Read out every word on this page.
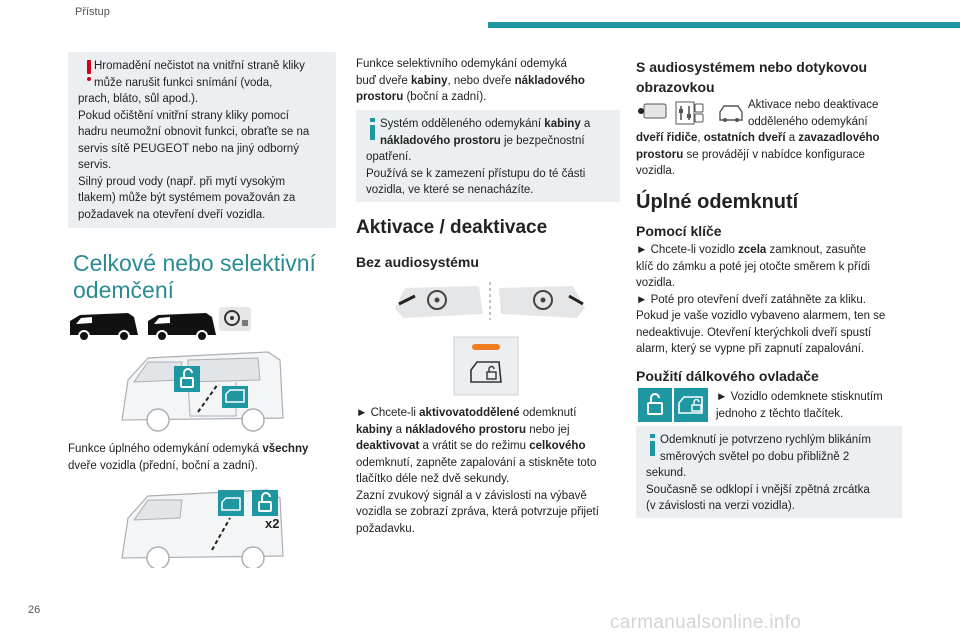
Přístup
Hromadění nečistot na vnitřní straně kliky
může narušit funkci snímání (voda,
prach, bláto, sůl apod.).
Pokud očištění vnitřní strany kliky pomocí
hadru neumožní obnovit funkci, obraťte se na
servis sítě PEUGEOT nebo na jiný odborný
servis.
Silný proud vody (např. při mytí vysokým
tlakem) může být systémem považován za
požadavek na otevření dveří vozidla.
Celkové nebo selektivní
odemčení
Funkce úplného odemykání odemyká všechny
dveře vozidla (přední, boční a zadní).
x2
Funkce selektivního odemykání odemyká
buď dveře kabiny, nebo dveře nákladového
prostoru (boční a zadní).
Systém odděleného odemykání kabiny a
nákladového prostoru je bezpečnostní
opatření.
Používá se k zamezení přístupu do té části
vozidla, ve které se nenacházíte.
Aktivace / deaktivace
Bez audiosystému
► Chcete-li aktivovatoddělené odemknutí
kabiny a nákladového prostoru nebo jej
deaktivovat a vrátit se do režimu celkového
odemknutí, zapněte zapalování a stiskněte toto
tlačítko déle než dvě sekundy.
Zazní zvukový signál a v závislosti na výbavě
vozidla se zobrazí zpráva, která potvrzuje přijetí
požadavku.
S audiosystémem nebo dotykovou
obrazovkou
Aktivace nebo deaktivace
odděleného odemykání
dveří řidiče, ostatních dveří a zavazadlového
prostoru se provádějí v nabídce konfigurace
vozidla.
Úplné odemknutí
Pomocí klíče
► Chcete-li vozidlo zcela zamknout, zasuňte
klíč do zámku a poté jej otočte směrem k přídi
vozidla.
► Poté pro otevření dveří zatáhněte za kliku.
Pokud je vaše vozidlo vybaveno alarmem, ten se
nedeaktivuje. Otevření kterýchkoli dveří spustí
alarm, který se vypne při zapnutí zapalování.
Použití dálkového ovladače
► Vozidlo odemknete stisknutím
jednoho z těchto tlačítek.
Odemknutí je potvrzeno rychlým blikáním
směrových světel po dobu přibližně 2
sekund.
Současně se odklopí i vnější zpětná zrcátka
(v závislosti na verzi vozidla).
26
carmanualsonline.info
